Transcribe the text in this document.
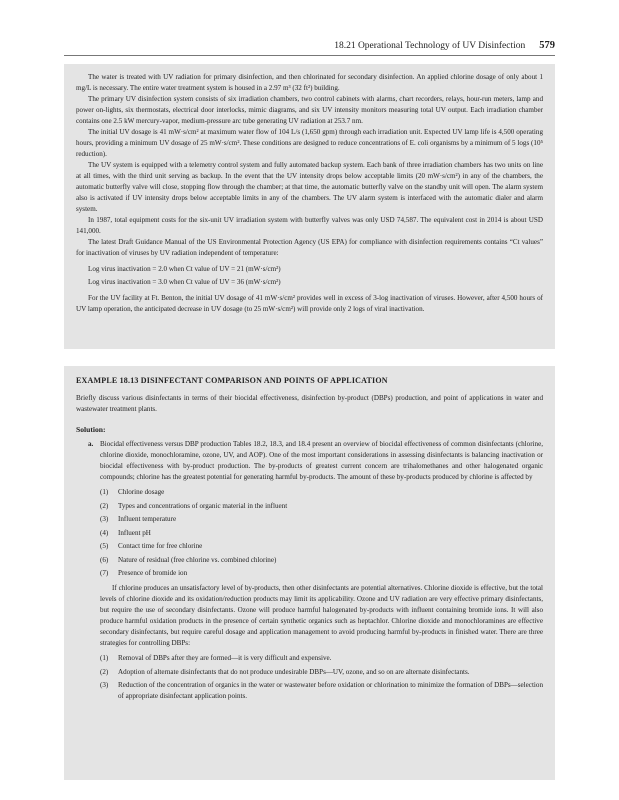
18.21 Operational Technology of UV Disinfection 579

The water is treated with UV radiation for primary disinfection, and then chlorinated for secondary disinfection. An applied chlorine dosage of only about 1 mg/L is necessary. The entire water treatment system is housed in a 2.97 m³ (32 ft²) building.

The primary UV disinfection system consists of six irradiation chambers, two control cabinets with alarms, chart recorders, relays, hour-run meters, lamp and power on-lights, six thermostats, electrical door interlocks, mimic diagrams, and six UV intensity monitors measuring total UV output. Each irradiation chamber contains one 2.5 kW mercury-vapor, medium-pressure arc tube generating UV radiation at 253.7 nm.

The initial UV dosage is 41 mW·s/cm² at maximum water flow of 104 L/s (1,650 gpm) through each irradiation unit. Expected UV lamp life is 4,500 operating hours, providing a minimum UV dosage of 25 mW·s/cm². These conditions are designed to reduce concentrations of E. coli organisms by a minimum of 5 logs (10⁵ reduction).

The UV system is equipped with a telemetry control system and fully automated backup system. Each bank of three irradiation chambers has two units on line at all times, with the third unit serving as backup. In the event that the UV intensity drops below acceptable limits (20 mW·s/cm²) in any of the chambers, the automatic butterfly valve will close, stopping flow through the chamber; at that time, the automatic butterfly valve on the standby unit will open. The alarm system also is activated if UV intensity drops below acceptable limits in any of the chambers. The UV alarm system is interfaced with the automatic dialer and alarm system.

In 1987, total equipment costs for the six-unit UV irradiation system with butterfly valves was only USD 74,587. The equivalent cost in 2014 is about USD 141,000.

The latest Draft Guidance Manual of the US Environmental Protection Agency (US EPA) for compliance with disinfection requirements contains “Ct values” for inactivation of viruses by UV radiation independent of temperature:

Log virus inactivation = 2.0 when Ct value of UV = 21 (mW·s/cm²)
Log virus inactivation = 3.0 when Ct value of UV = 36 (mW·s/cm²)

For the UV facility at Ft. Benton, the initial UV dosage of 41 mW·s/cm² provides well in excess of 3-log inactivation of viruses. However, after 4,500 hours of UV lamp operation, the anticipated decrease in UV dosage (to 25 mW·s/cm²) will provide only 2 logs of viral inactivation.

EXAMPLE 18.13 DISINFECTANT COMPARISON AND POINTS OF APPLICATION

Briefly discuss various disinfectants in terms of their biocidal effectiveness, disinfection by-product (DBPs) production, and point of applications in water and wastewater treatment plants.

Solution:
a. Biocidal effectiveness versus DBP production Tables 18.2, 18.3, and 18.4 present an overview of biocidal effectiveness of common disinfectants (chlorine, chlorine dioxide, monochloramine, ozone, UV, and AOP). One of the most important considerations in assessing disinfectants is balancing inactivation or biocidal effectiveness with by-product production. The by-products of greatest current concern are trihalomethanes and other halogenated organic compounds; chlorine has the greatest potential for generating harmful by-products. The amount of these by-products produced by chlorine is affected by
(1) Chlorine dosage
(2) Types and concentrations of organic material in the influent
(3) Influent temperature
(4) Influent pH
(5) Contact time for free chlorine
(6) Nature of residual (free chlorine vs. combined chlorine)
(7) Presence of bromide ion

If chlorine produces an unsatisfactory level of by-products, then other disinfectants are potential alternatives. Chlorine dioxide is effective, but the total levels of chlorine dioxide and its oxidation/reduction products may limit its applicability. Ozone and UV radiation are very effective primary disinfectants, but require the use of secondary disinfectants. Ozone will produce harmful halogenated by-products with influent containing bromide ions. It will also produce harmful oxidation products in the presence of certain synthetic organics such as heptachlor. Chlorine dioxide and monochloramines are effective secondary disinfectants, but require careful dosage and application management to avoid producing harmful by-products in finished water. There are three strategies for controlling DBPs:

(1) Removal of DBPs after they are formed—it is very difficult and expensive.
(2) Adoption of alternate disinfectants that do not produce undesirable DBPs—UV, ozone, and so on are alternate disinfectants.
(3) Reduction of the concentration of organics in the water or wastewater before oxidation or chlorination to minimize the formation of DBPs—selection of appropriate disinfectant application points.
